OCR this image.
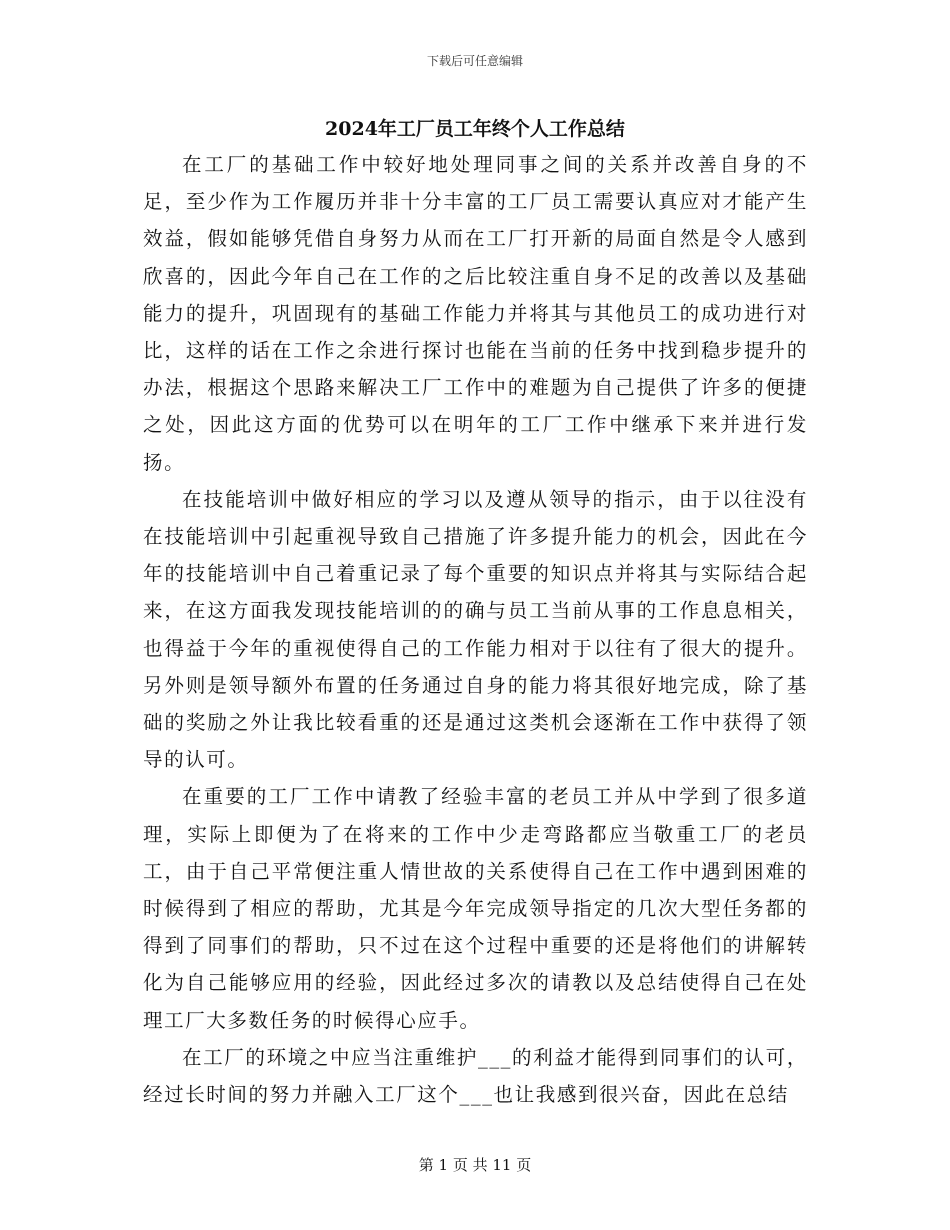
下载后可任意编辑
2024年工厂员工年终个人工作总结

在工厂的基础工作中较好地处理同事之间的关系并改善自身的不足，至少作为工作履历并非十分丰富的工厂员工需要认真应对才能产生效益，假如能够凭借自身努力从而在工厂打开新的局面自然是令人感到欣喜的，因此今年自己在工作的之后比较注重自身不足的改善以及基础能力的提升，巩固现有的基础工作能力并将其与其他员工的成功进行对比，这样的话在工作之余进行探讨也能在当前的任务中找到稳步提升的办法，根据这个思路来解决工厂工作中的难题为自己提供了许多的便捷之处，因此这方面的优势可以在明年的工厂工作中继承下来并进行发扬。

在技能培训中做好相应的学习以及遵从领导的指示，由于以往没有在技能培训中引起重视导致自己措施了许多提升能力的机会，因此在今年的技能培训中自己着重记录了每个重要的知识点并将其与实际结合起来，在这方面我发现技能培训的的确与员工当前从事的工作息息相关，也得益于今年的重视使得自己的工作能力相对于以往有了很大的提升。另外则是领导额外布置的任务通过自身的能力将其很好地完成，除了基础的奖励之外让我比较看重的还是通过这类机会逐渐在工作中获得了领导的认可。

在重要的工厂工作中请教了经验丰富的老员工并从中学到了很多道理，实际上即便为了在将来的工作中少走弯路都应当敬重工厂的老员工，由于自己平常便注重人情世故的关系使得自己在工作中遇到困难的时候得到了相应的帮助，尤其是今年完成领导指定的几次大型任务都的得到了同事们的帮助，只不过在这个过程中重要的还是将他们的讲解转化为自己能够应用的经验，因此经过多次的请教以及总结使得自己在处理工厂大多数任务的时候得心应手。

在工厂的环境之中应当注重维护___的利益才能得到同事们的认可，经过长时间的努力并融入工厂这个___也让我感到很兴奋，因此在总结

第 1 页 共 11 页
